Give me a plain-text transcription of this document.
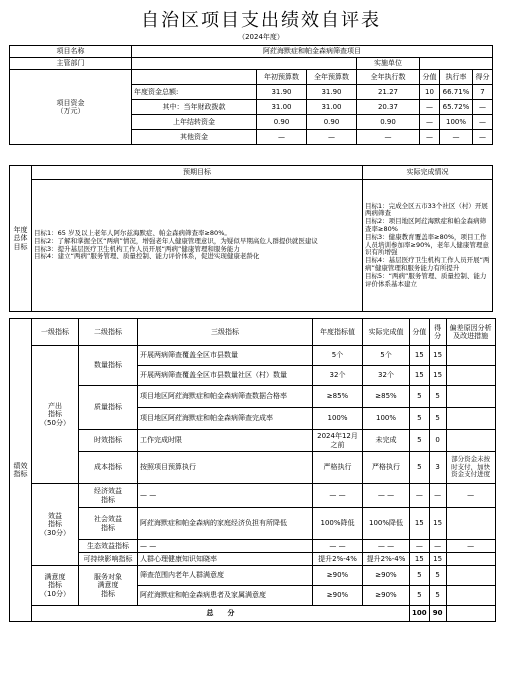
自治区项目支出绩效自评表
（2024年度）
项目名称	阿荭海默症和帕金森病筛查项目						
主管部门				实施单位			
项目资金
（万元）		年初预算数	全年预算数	全年执行数	分值	执行率	得分
	年度资金总额:	31.90	31.90	21.27	10	66.71%	7
	其中：当年财政拨款	31.00	31.00	20.37	—	65.72%	—
	上年结转资金	0.90	0.90	0.90	—	100%	—
	其他资金	—	—	—	—	—	—
年度
总体
目标	预期目标	实际完成情况
	目标1：65 岁及以上老年人阿尔兹海默症、帕金森病筛查率≥80%。
目标2：了解和掌握全区“两病”情况，增强老年人健康管理意识，为疑似早期高危人群提供就医建议
目标3：提升基层医疗卫生机构工作人员开展“两病”健康管理和服务能力
目标4：建立“两病”服务管理、质量控制、能力评价体系，促进实现健康老龄化	目标1：完成全区五市33个社区（村）开展两病筛查
目标2：项目地区阿荭海默症和帕金森病筛查率≥80%
目标3：健康教育覆盖率≥80%，项目工作人员培训参加率≥90%，老年人健康管理意识有所增强
目标4：基层医疗卫生机构工作人员开展“两病”健康管理和服务能力有所提升
目标5：“两病”服务管理、质量控制、能力评价体系基本建立
绩效
指标	一级指标	二级指标	三级指标	年度指标值	实际完成值	分值	得分	偏差原因分析及改进措施
	产出
指标
（50分）	数量指标	开展两病筛查覆盖全区市县数量	5个	5个	15	15	
			开展两病筛查覆盖全区市县数量社区（村）数量	32个	32个	15	15	
		质量指标	项目地区阿荭海默症和帕金森病筛查数据合格率	≥85%	≥85%	5	5	
			项目地区阿荭海默症和帕金森病筛查完成率	100%	100%	5	5	
		时效指标	工作完成时限	2024年12月之前	未完成	5	0	
		成本指标	按照项目预算执行	严格执行	严格执行	5	3	部分资金未按时支付，加快资金支付进度
	效益
指标
（30分）	经济效益
指标	— —	— —	— —	—	—	—
		社会效益
指标	阿荭海默症和帕金森病的家庭经济负担有所降低	100%降低	100%降低	15	15	
		生态效益指标	— —	— —	— —	—	—	—
		可持续影响指标	人群心理健康知识知晓率	提升2%-4%	提升2%-4%	15	15	
	满意度
指标
（10分）	服务对象
满意度
指标	筛查范围内老年人群满意度	≥90%	≥90%	5	5	
			阿荭海默症和帕金森病患者及家属满意度	≥90%	≥90%	5	5	
	总　　分					100	90	
